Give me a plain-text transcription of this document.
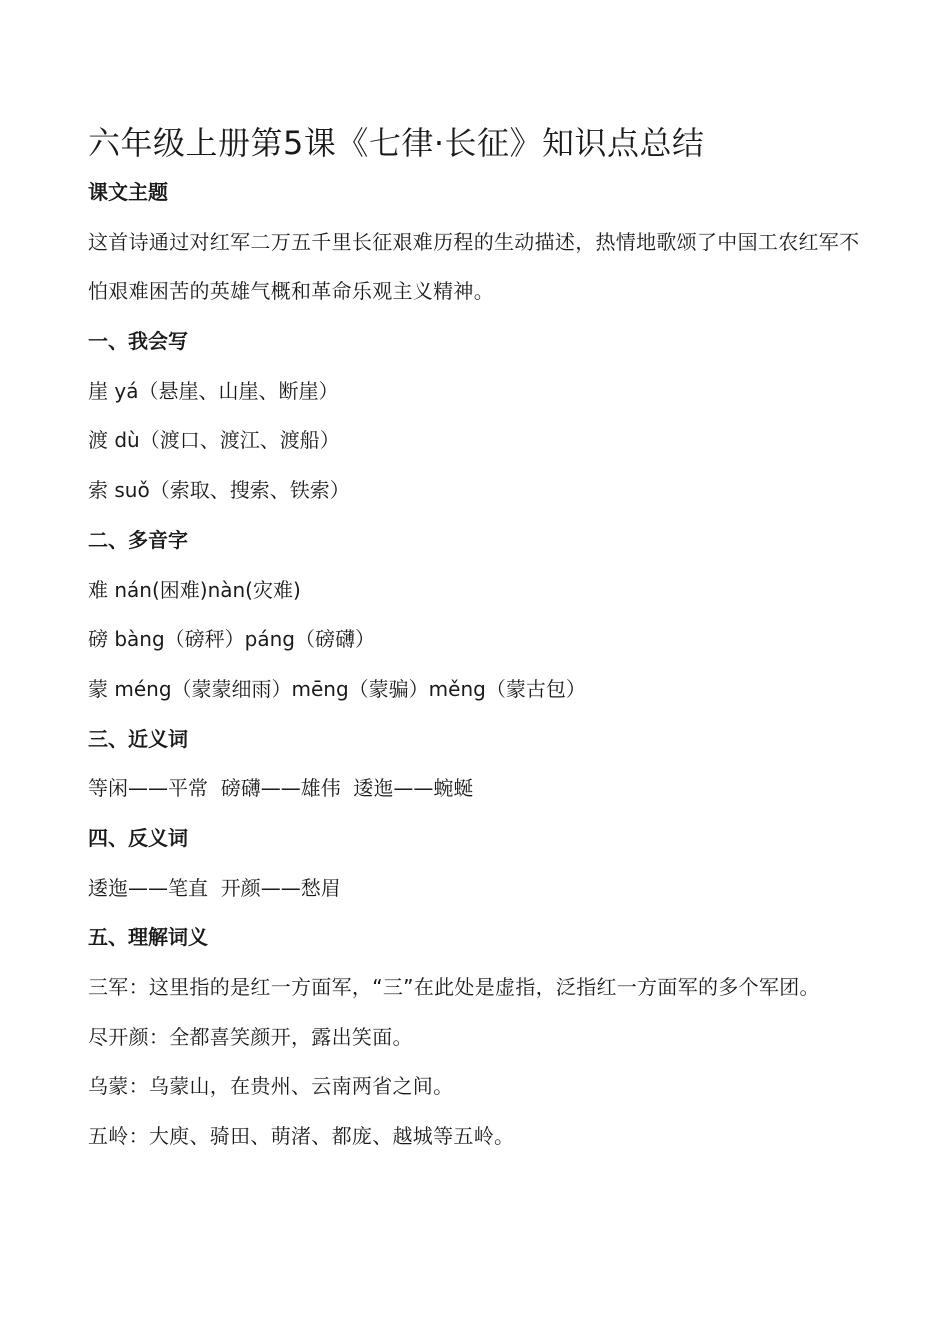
六年级上册第5课《七律·长征》知识点总结
课文主题

这首诗通过对红军二万五千里长征艰难历程的生动描述，热情地歌颂了中国工农红军不怕艰难困苦的英雄气概和革命乐观主义精神。

一、我会写
崖 yá（悬崖、山崖、断崖）
渡 dù（渡口、渡江、渡船）
索 suǒ（索取、搜索、铁索）
二、多音字
难 nán(困难)nàn(灾难)
磅 bàng（磅秤）páng（磅礴）
蒙 méng（蒙蒙细雨）mēng（蒙骗）měng（蒙古包）
三、近义词
等闲——平常  磅礴——雄伟  逶迤——蜿蜒
四、反义词
逶迤——笔直  开颜——愁眉
五、理解词义

三军：这里指的是红一方面军，“三”在此处是虚指，泛指红一方面军的多个军团。

尽开颜：全都喜笑颜开，露出笑面。

乌蒙：乌蒙山，在贵州、云南两省之间。

五岭：大庾、骑田、萌渚、都庞、越城等五岭。
